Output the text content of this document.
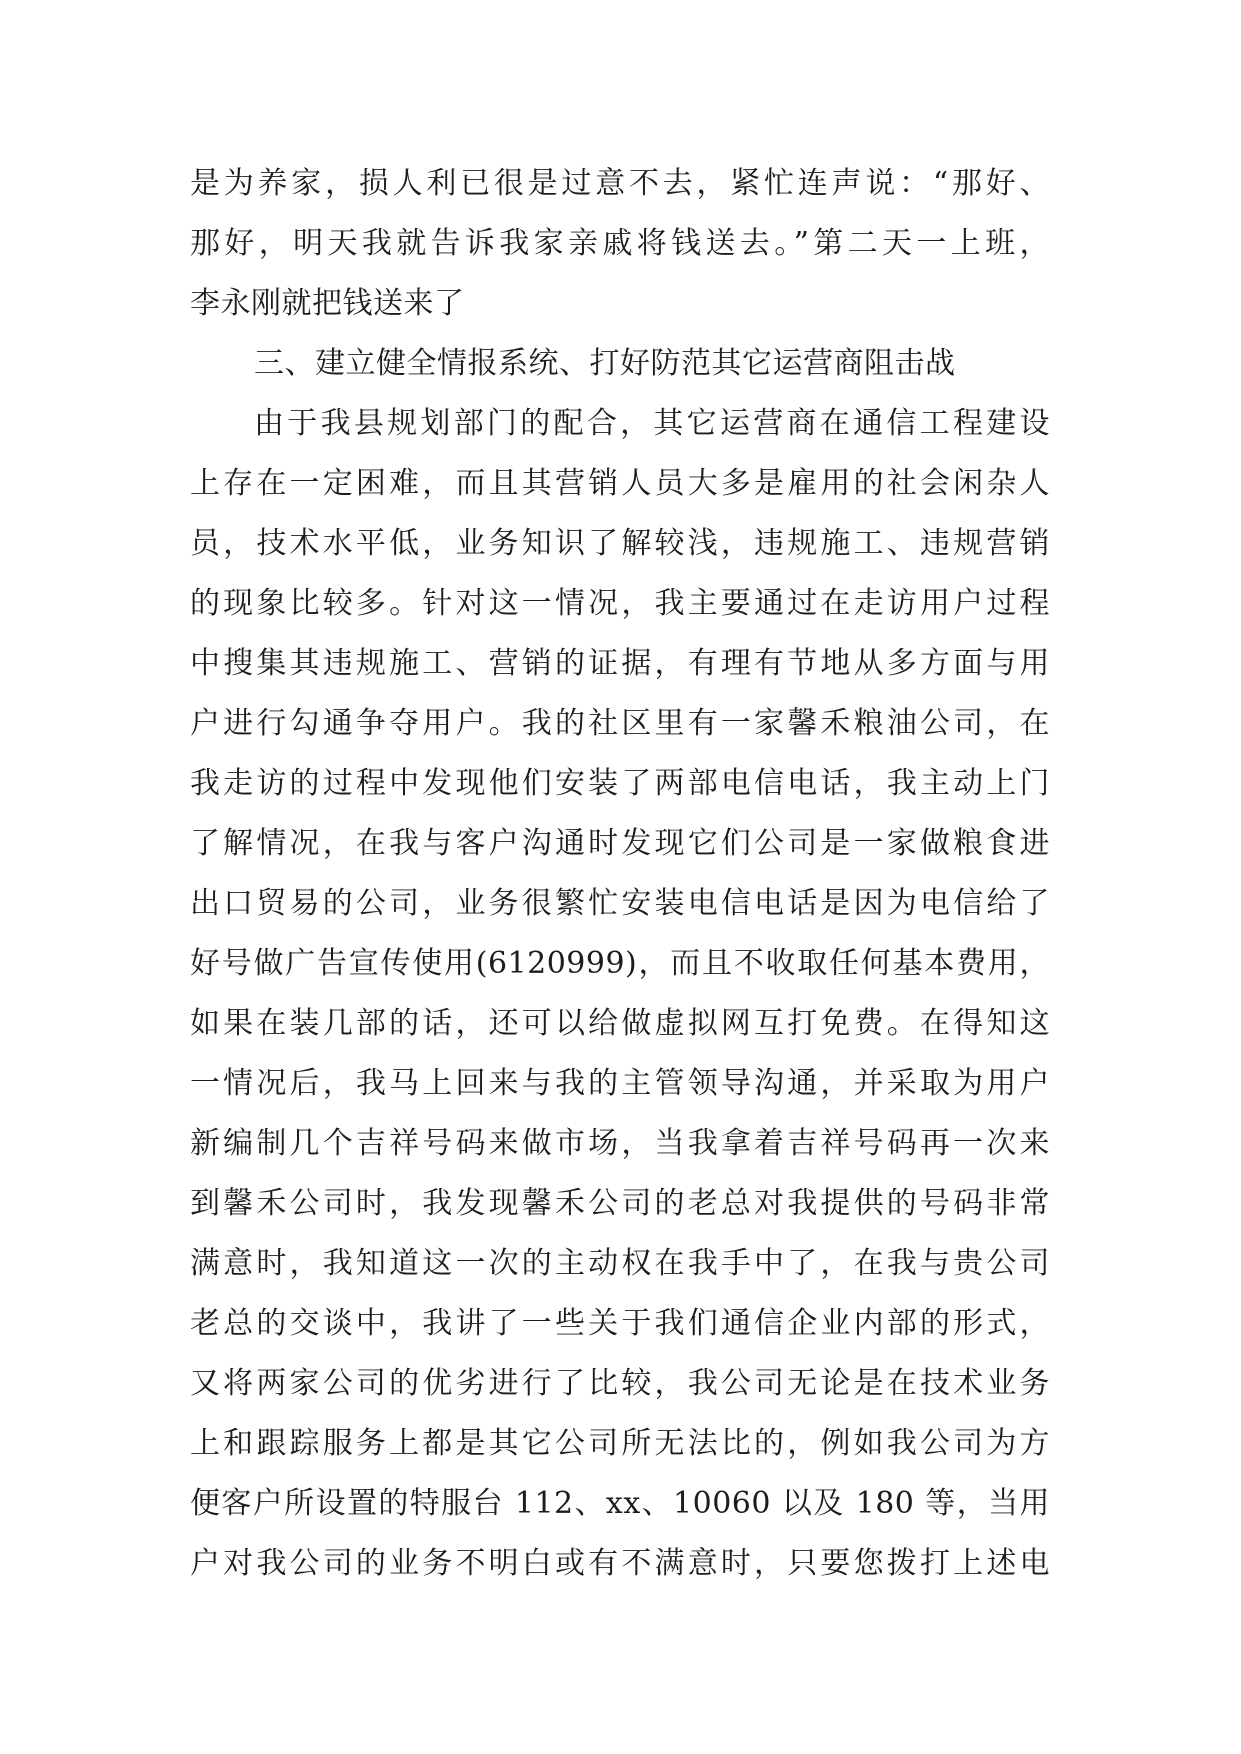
是为养家，损人利已很是过意不去，紧忙连声说：“那好、
那好，明天我就告诉我家亲戚将钱送去。”第二天一上班，
李永刚就把钱送来了
三、建立健全情报系统、打好防范其它运营商阻击战
由于我县规划部门的配合，其它运营商在通信工程建设
上存在一定困难，而且其营销人员大多是雇用的社会闲杂人
员，技术水平低，业务知识了解较浅，违规施工、违规营销
的现象比较多。针对这一情况，我主要通过在走访用户过程
中搜集其违规施工、营销的证据，有理有节地从多方面与用
户进行勾通争夺用户。我的社区里有一家馨禾粮油公司，在
我走访的过程中发现他们安装了两部电信电话，我主动上门
了解情况，在我与客户沟通时发现它们公司是一家做粮食进
出口贸易的公司，业务很繁忙安装电信电话是因为电信给了
好号做广告宣传使用(6120999)，而且不收取任何基本费用，
如果在装几部的话，还可以给做虚拟网互打免费。在得知这
一情况后，我马上回来与我的主管领导沟通，并采取为用户
新编制几个吉祥号码来做市场，当我拿着吉祥号码再一次来
到馨禾公司时，我发现馨禾公司的老总对我提供的号码非常
满意时，我知道这一次的主动权在我手中了，在我与贵公司
老总的交谈中，我讲了一些关于我们通信企业内部的形式，
又将两家公司的优劣进行了比较，我公司无论是在技术业务
上和跟踪服务上都是其它公司所无法比的，例如我公司为方
便客户所设置的特服台 112、xx、10060 以及 180 等，当用
户对我公司的业务不明白或有不满意时，只要您拨打上述电
